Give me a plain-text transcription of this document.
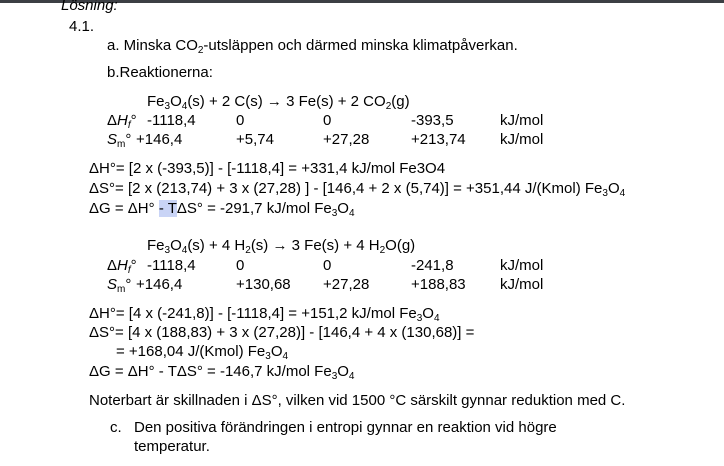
Lösning:
4.1.
a. Minska $CO_2$-utsläppen och därmed minska klimatpåverkan.
b.Reaktionerna:
$Fe_3O_4(s) + 2$ C(s) → 3 Fe(s) + 2 $CO_2(g)$
$\Delta H_f^\circ$ -1118,4	0	0	-393,5	kJ/mol
$S_m^\circ +146,4$	+5,74	+27,28	+213,74 kJ/mol
ΔH°= [2 x (-393,5)] - [-1118,4] = +331,4 kJ/mol Fe3O4
ΔS°= [2 x (213,74) + 3 x (27,28) ] - [146,4 + 2 x (5,74)] = +351,44 J/(Kmol) $Fe_3O_4$
ΔG = ΔH° - TΔS° = -291,7 kJ/mol $Fe_3O_4$
$Fe_3O_4(s) + 4$ $H_2(s) \to 3$ Fe(s) + 4 $H_2O(g)$
$\Delta H_f^\circ$ -1118,4	0	0	-241,8	kJ/mol
$S_m^\circ +146,4$	+130,68 +27,28	+188,83 kJ/mol
ΔH°= [4 x (-241,8)] - [-1118,4] = +151,2 kJ/mol $Fe_3O_4$
ΔS°= [4 x (188,83) + 3 x (27,28)] - [146,4 + 4 x (130,68)] =
= +168,04 J/(Kmol) $Fe_3O_4$
ΔG = ΔH° - TΔS° = -146,7 kJ/mol $Fe_3O_4$
Noterbart är skillnaden i ΔS°, vilken vid 1500 °C särskilt gynnar reduktion med C.
c. Den positiva förändringen i entropi gynnar en reaktion vid högre
temperatur.
